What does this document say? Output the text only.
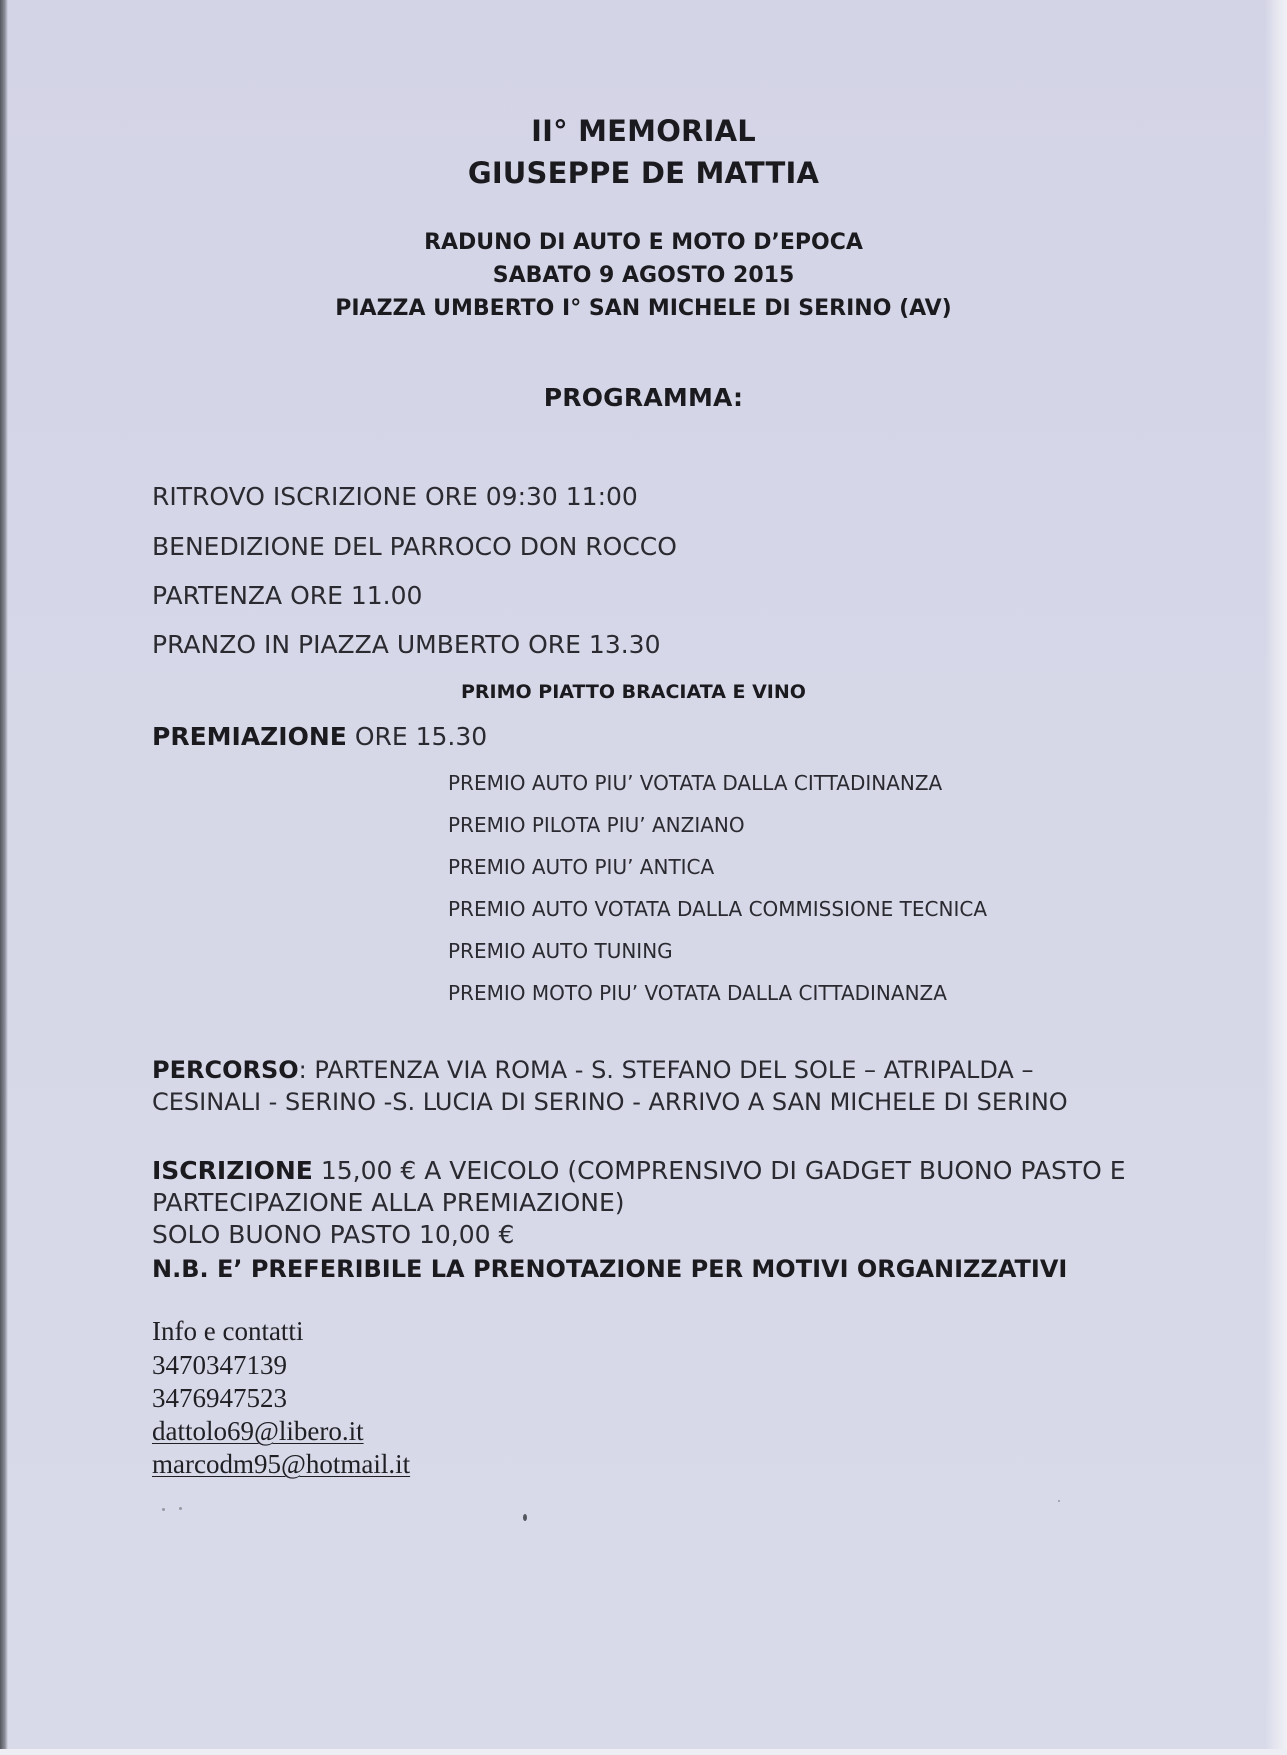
II° MEMORIAL
GIUSEPPE DE MATTIA
RADUNO DI AUTO E MOTO D’EPOCA
SABATO 9 AGOSTO 2015
PIAZZA UMBERTO I° SAN MICHELE DI SERINO (AV)
PROGRAMMA:
RITROVO ISCRIZIONE ORE 09:30 11:00
BENEDIZIONE DEL PARROCO DON ROCCO
PARTENZA ORE 11.00
PRANZO IN PIAZZA UMBERTO ORE 13.30
PRIMO PIATTO BRACIATA E VINO
PREMIAZIONE ORE 15.30
PREMIO AUTO PIU’ VOTATA DALLA CITTADINANZA
PREMIO PILOTA PIU’ ANZIANO
PREMIO AUTO PIU’ ANTICA
PREMIO AUTO VOTATA DALLA COMMISSIONE TECNICA
PREMIO AUTO TUNING
PREMIO MOTO PIU’ VOTATA DALLA CITTADINANZA
PERCORSO: PARTENZA VIA ROMA - S. STEFANO DEL SOLE – ATRIPALDA –
CESINALI - SERINO -S. LUCIA DI SERINO - ARRIVO A SAN MICHELE DI SERINO
ISCRIZIONE 15,00 € A VEICOLO (COMPRENSIVO DI GADGET BUONO PASTO E
PARTECIPAZIONE ALLA PREMIAZIONE)
SOLO BUONO PASTO 10,00 €
N.B. E’ PREFERIBILE LA PRENOTAZIONE PER MOTIVI ORGANIZZATIVI
Info e contatti
3470347139
3476947523
dattolo69@libero.it
marcodm95@hotmail.it
